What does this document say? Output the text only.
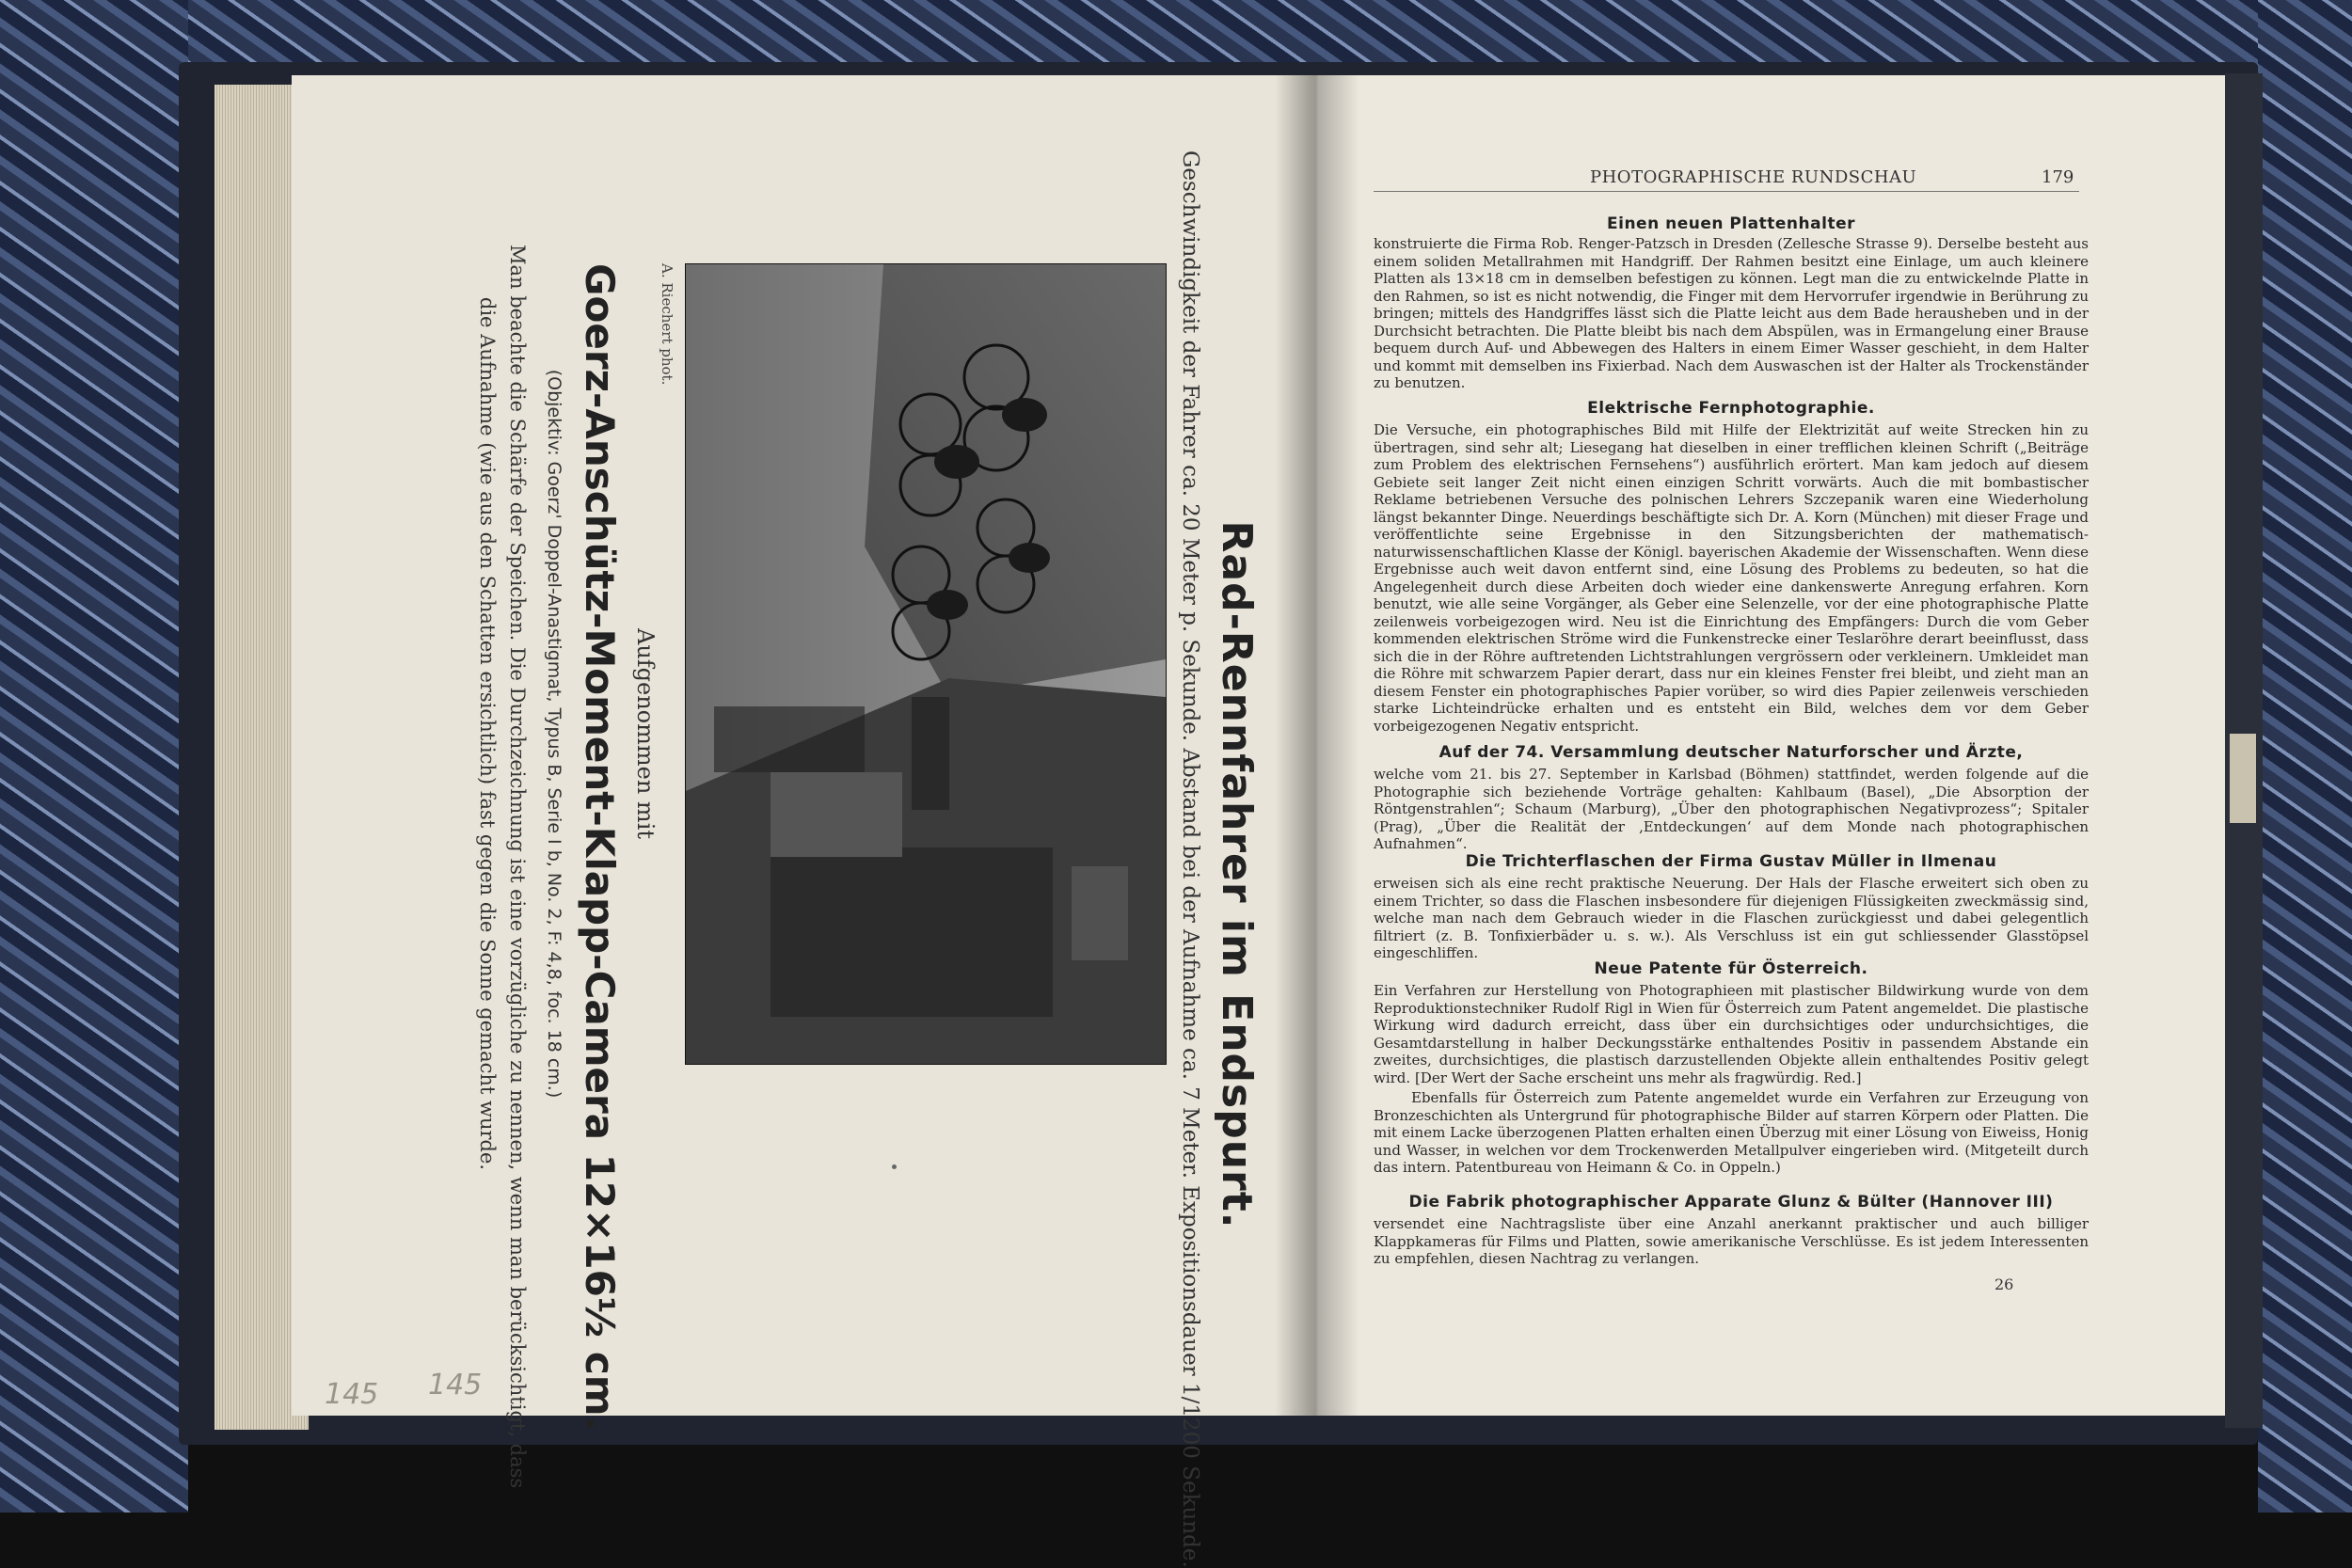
145 145
Rad-Rennfahrer im Endspurt.
Geschwindigkeit der Fahrer ca. 20 Meter p. Sekunde. Abstand bei der Aufnahme ca. 7 Meter. Expositionsdauer 1/1200 Sekunde.
A. Riechert phot.
Aufgenommen mit
Goerz-Anschütz-Moment-Klapp-Camera 12×16½ cm.
(Objektiv: Goerz' Doppel-Anastigmat, Typus B, Serie I b, No. 2, F: 4,8, foc. 18 cm.)
Man beachte die Schärfe der Speichen. Die Durchzeichnung ist eine vorzügliche zu nennen, wenn man berücksichtigt, dass
die Aufnahme (wie aus den Schatten ersichtlich) fast gegen die Sonne gemacht wurde.
PHOTOGRAPHISCHE RUNDSCHAU	179
Einen neuen Plattenhalter
konstruierte die Firma Rob. Renger-Patzsch in Dresden (Zellesche Strasse 9). Derselbe besteht aus einem soliden Metallrahmen mit Handgriff. Der Rahmen besitzt eine Einlage, um auch kleinere Platten als 13×18 cm in demselben befestigen zu können. Legt man die zu entwickelnde Platte in den Rahmen, so ist es nicht notwendig, die Finger mit dem Hervorrufer irgendwie in Berührung zu bringen; mittels des Handgriffes lässt sich die Platte leicht aus dem Bade herausheben und in der Durchsicht betrachten. Die Platte bleibt bis nach dem Abspülen, was in Ermangelung einer Brause bequem durch Auf- und Abbewegen des Halters in einem Eimer Wasser geschieht, in dem Halter und kommt mit demselben ins Fixierbad. Nach dem Auswaschen ist der Halter als Trockenständer zu benutzen.
Elektrische Fernphotographie.
Die Versuche, ein photographisches Bild mit Hilfe der Elektrizität auf weite Strecken hin zu übertragen, sind sehr alt; Liesegang hat dieselben in einer trefflichen kleinen Schrift („Beiträge zum Problem des elektrischen Fernsehens“) ausführlich erörtert. Man kam jedoch auf diesem Gebiete seit langer Zeit nicht einen einzigen Schritt vorwärts. Auch die mit bombastischer Reklame betriebenen Versuche des polnischen Lehrers Szczepanik waren eine Wiederholung längst bekannter Dinge. Neuerdings beschäftigte sich Dr. A. Korn (München) mit dieser Frage und veröffentlichte seine Ergebnisse in den Sitzungsberichten der mathematisch-naturwissenschaftlichen Klasse der Königl. bayerischen Akademie der Wissenschaften. Wenn diese Ergebnisse auch weit davon entfernt sind, eine Lösung des Problems zu bedeuten, so hat die Angelegenheit durch diese Arbeiten doch wieder eine dankenswerte Anregung erfahren. Korn benutzt, wie alle seine Vorgänger, als Geber eine Selenzelle, vor der eine photographische Platte zeilenweis vorbeigezogen wird. Neu ist die Einrichtung des Empfängers: Durch die vom Geber kommenden elektrischen Ströme wird die Funkenstrecke einer Teslaröhre derart beeinflusst, dass sich die in der Röhre auftretenden Lichtstrahlungen vergrössern oder verkleinern. Umkleidet man die Röhre mit schwarzem Papier derart, dass nur ein kleines Fenster frei bleibt, und zieht man an diesem Fenster ein photographisches Papier vorüber, so wird dies Papier zeilenweis verschieden starke Lichteindrücke erhalten und es entsteht ein Bild, welches dem vor dem Geber vorbeigezogenen Negativ entspricht.
Auf der 74. Versammlung deutscher Naturforscher und Ärzte,
welche vom 21. bis 27. September in Karlsbad (Böhmen) stattfindet, werden folgende auf die Photographie sich beziehende Vorträge gehalten: Kahlbaum (Basel), „Die Absorption der Röntgenstrahlen“; Schaum (Marburg), „Über den photographischen Negativprozess“; Spitaler (Prag), „Über die Realität der ‚Entdeckungen‘ auf dem Monde nach photographischen Aufnahmen“.
Die Trichterflaschen der Firma Gustav Müller in Ilmenau
erweisen sich als eine recht praktische Neuerung. Der Hals der Flasche erweitert sich oben zu einem Trichter, so dass die Flaschen insbesondere für diejenigen Flüssigkeiten zweckmässig sind, welche man nach dem Gebrauch wieder in die Flaschen zurückgiesst und dabei gelegentlich filtriert (z. B. Tonfixierbäder u. s. w.). Als Verschluss ist ein gut schliessender Glasstöpsel eingeschliffen.
Neue Patente für Österreich.
Ein Verfahren zur Herstellung von Photographieen mit plastischer Bildwirkung wurde von dem Reproduktionstechniker Rudolf Rigl in Wien für Österreich zum Patent angemeldet. Die plastische Wirkung wird dadurch erreicht, dass über ein durchsichtiges oder undurchsichtiges, die Gesamtdarstellung in halber Deckungsstärke enthaltendes Positiv in passendem Abstande ein zweites, durchsichtiges, die plastisch darzustellenden Objekte allein enthaltendes Positiv gelegt wird. [Der Wert der Sache erscheint uns mehr als fragwürdig. Red.]
Ebenfalls für Österreich zum Patente angemeldet wurde ein Verfahren zur Erzeugung von Bronzeschichten als Untergrund für photographische Bilder auf starren Körpern oder Platten. Die mit einem Lacke überzogenen Platten erhalten einen Überzug mit einer Lösung von Eiweiss, Honig und Wasser, in welchen vor dem Trockenwerden Metallpulver eingerieben wird. (Mitgeteilt durch das intern. Patentbureau von Heimann & Co. in Oppeln.)
Die Fabrik photographischer Apparate Glunz & Bülter (Hannover III)
versendet eine Nachtragsliste über eine Anzahl anerkannt praktischer und auch billiger Klappkameras für Films und Platten, sowie amerikanische Verschlüsse. Es ist jedem Interessenten zu empfehlen, diesen Nachtrag zu verlangen.
26
